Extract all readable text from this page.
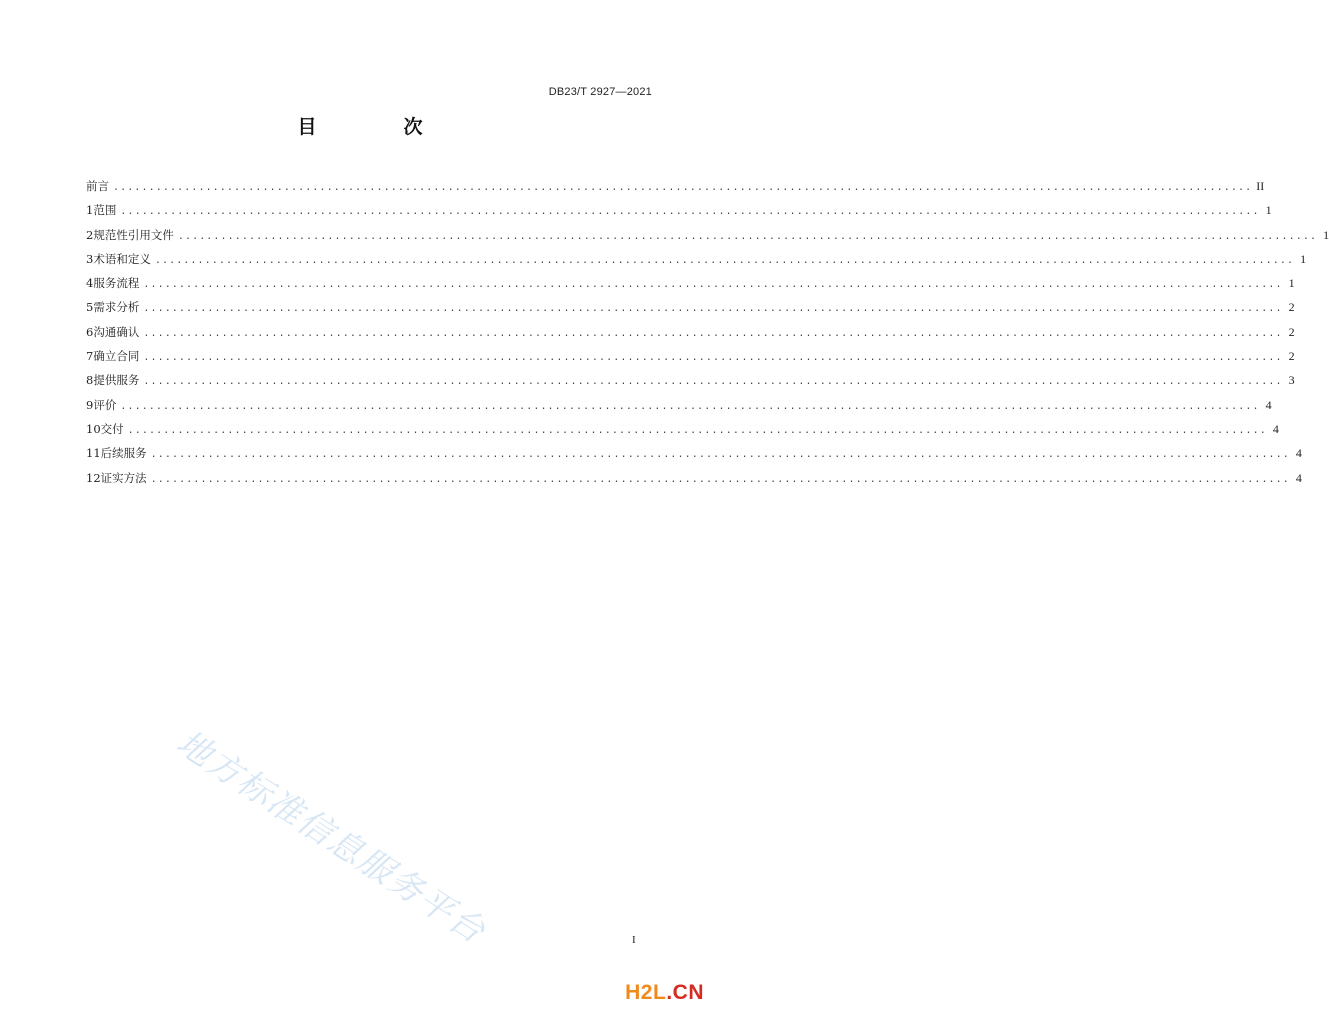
DB23/T 2927—2021
目　次
前言 ................................................................................................................................................................ II
1 范围 ................................................................................................................................................................ 1
2 规范性引用文件 ................................................................................................................................................................ 1
3 术语和定义 ................................................................................................................................................................ 1
4 服务流程 ................................................................................................................................................................ 1
5 需求分析 ................................................................................................................................................................ 2
6 沟通确认 ................................................................................................................................................................ 2
7 确立合同 ................................................................................................................................................................ 2
8 提供服务 ................................................................................................................................................................ 3
9 评价 ................................................................................................................................................................ 4
10 交付 ................................................................................................................................................................ 4
11 后续服务 ................................................................................................................................................................ 4
12 证实方法 ................................................................................................................................................................ 4
地方标准信息服务平台	I
H2L.CN
